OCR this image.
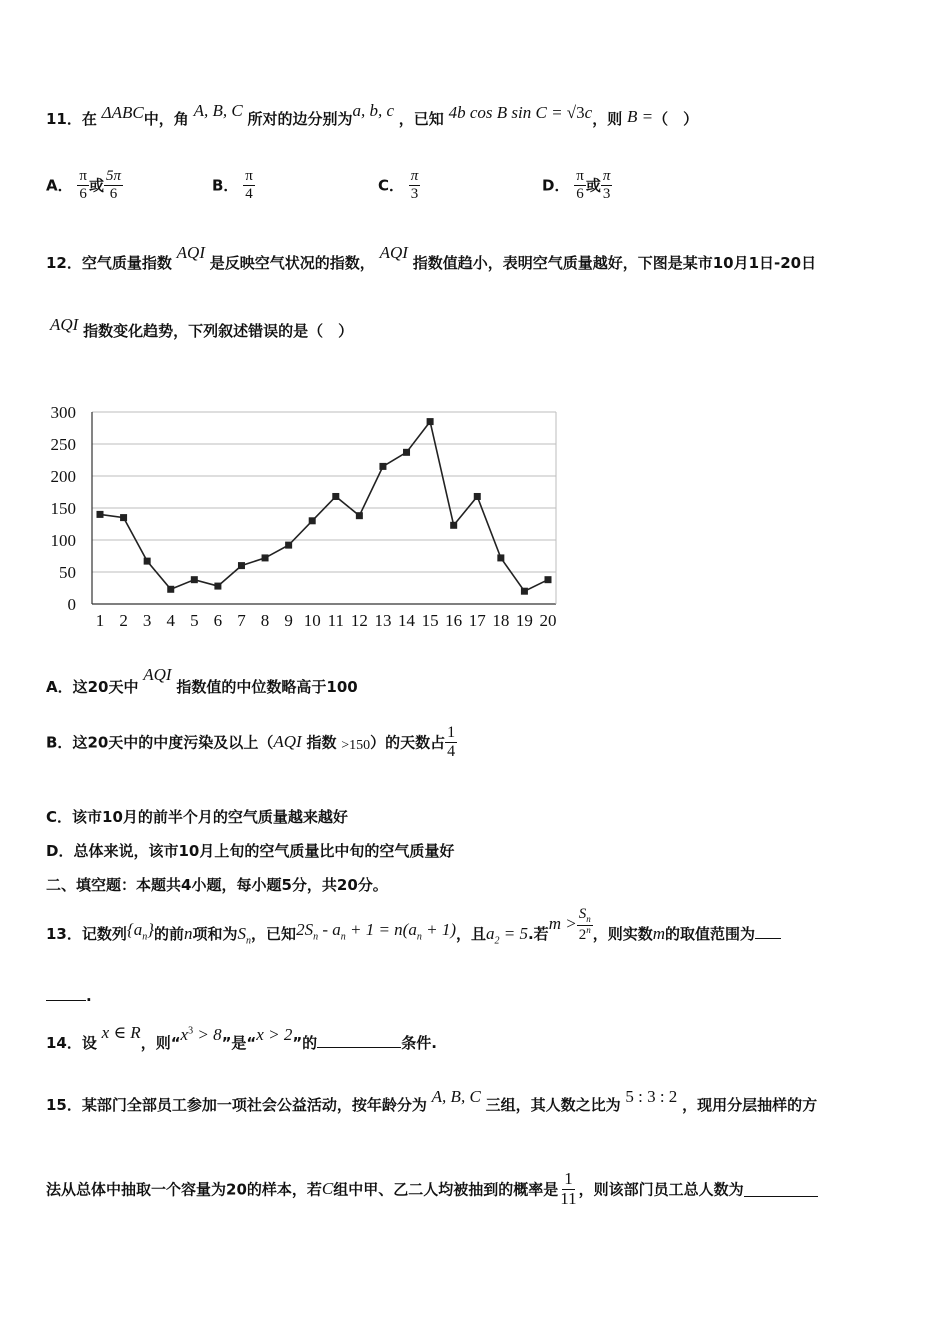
11．在 ΔABC中，角 A, B, C 所对的边分别为a, b, c ，已知 4b cos B sin C = √3c，则 B =（　）
A． $\frac{\pi}{6}$ 或 $\frac{5\pi}{6}$	B． $\frac{\pi}{4}$	C． $\frac{\pi}{3}$	D． $\frac{\pi}{6}$ 或 $\frac{\pi}{3}$
12．空气质量指数 AQI 是反映空气状况的指数， AQI 指数值趋小，表明空气质量越好，下图是某市10月1日-20日
AQI 指数变化趋势，下列叙述错误的是（　）
0
50
100
150
200
250
300
1 2 3 4 5 6 7 8 9 10 11 12 13 14 15 16 17 18 19 20
A．这20天中 AQI 指数值的中位数略高于100
B．这20天中的中度污染及以上（AQI 指数 >150）的天数占 $\frac{1}{4}$
C．该市10月的前半个月的空气质量越来越好
D．总体来说，该市10月上旬的空气质量比中旬的空气质量好
二、填空题：本题共4小题，每小题5分，共20分。
13．记数列$\{a_n\}$的前n项和为$S_n$，已知$2S_n - a_n + 1 = n(a_n + 1)$，且$a_2 = 5$.若$m > \frac{S_n}{2^n}$ ，则实数m的取值范围为
.
14．设 x ∈ R，则“$x^3 > 8$”是“x > 2”的	条件.
15．某部门全部员工参加一项社会公益活动，按年龄分为 A, B, C 三组，其人数之比为 5 : 3 : 2 ，现用分层抽样的方
法从总体中抽取一个容量为20的样本，若C组中甲、乙二人均被抽到的概率是 $\frac{1}{11}$ ，则该部门员工总人数为
